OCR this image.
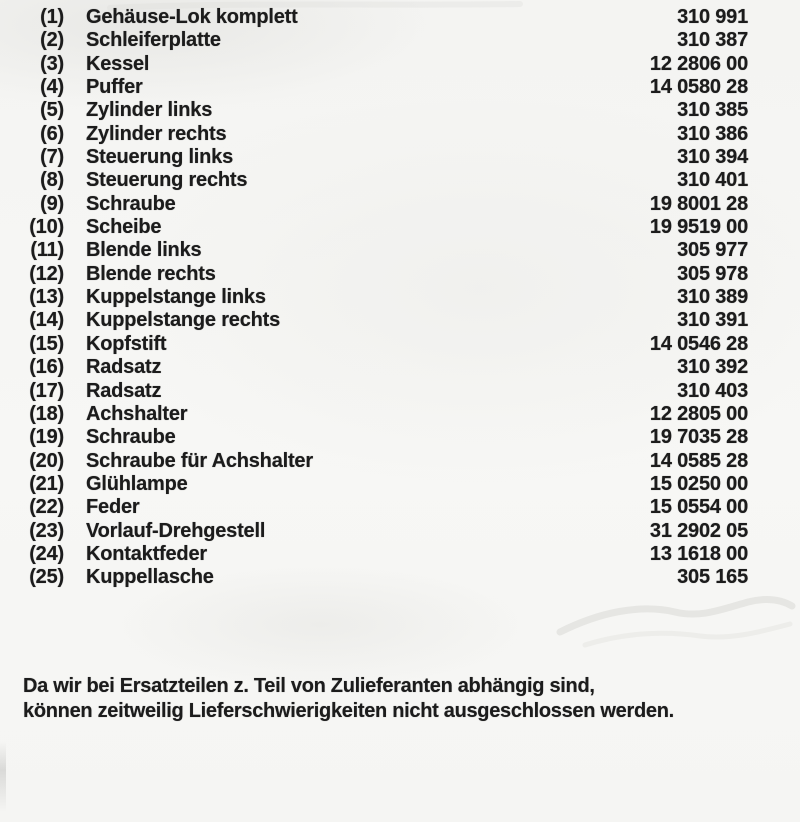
(1) Gehäuse-Lok komplett	310 991
(2) Schleiferplatte	310 387
(3) Kessel	12 2806 00
(4) Puffer	14 0580 28
(5) Zylinder links	310 385
(6) Zylinder rechts	310 386
(7) Steuerung links	310 394
(8) Steuerung rechts	310 401
(9) Schraube	19 8001 28
(10) Scheibe	19 9519 00
(11) Blende links	305 977
(12) Blende rechts	305 978
(13) Kuppelstange links	310 389
(14) Kuppelstange rechts	310 391
(15) Kopfstift	14 0546 28
(16) Radsatz	310 392
(17) Radsatz	310 403
(18) Achshalter	12 2805 00
(19) Schraube	19 7035 28
(20) Schraube für Achshalter	14 0585 28
(21) Glühlampe	15 0250 00
(22) Feder	15 0554 00
(23) Vorlauf-Drehgestell	31 2902 05
(24) Kontaktfeder	13 1618 00
(25) Kuppellasche	305 165
Da wir bei Ersatzteilen z. Teil von Zulieferanten abhängig sind,
können zeitweilig Lieferschwierigkeiten nicht ausgeschlossen werden.
